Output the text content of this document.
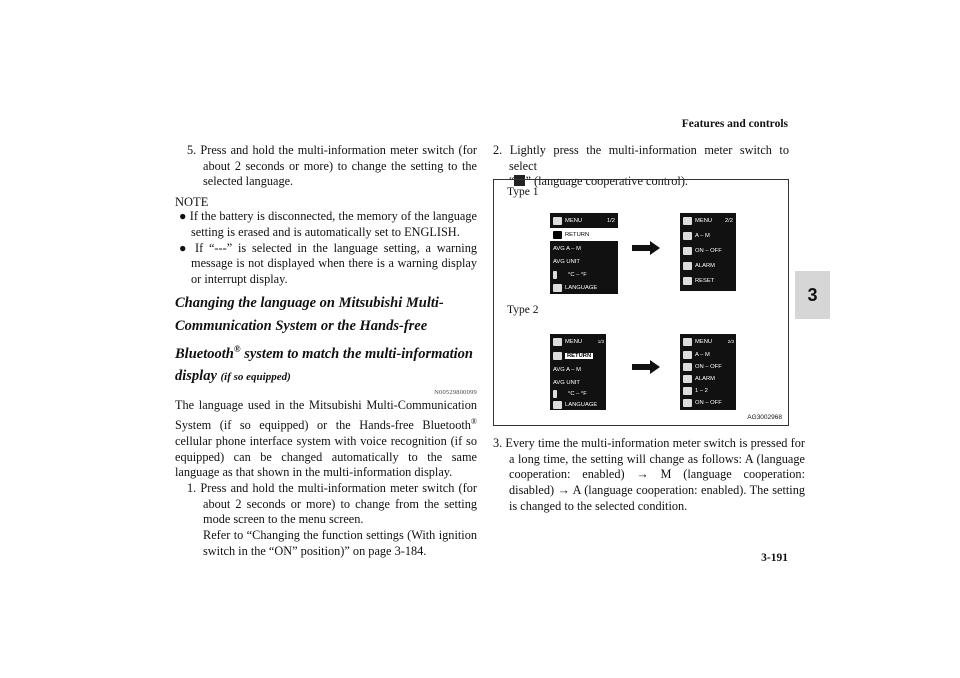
Features and controls
3
5. Press and hold the multi-information meter switch (for about 2 seconds or more) to change the setting to the selected language.
NOTE
● If the battery is disconnected, the memory of the language setting is erased and is automatically set to ENGLISH.
● If “---” is selected in the language setting, a warning message is not displayed when there is a warning display or interrupt display.
Changing the language on Mitsubishi Multi-Communication System or the Hands-free Bluetooth® system to match the multi-information display (if so equipped)
N00529800099
The language used in the Mitsubishi Multi-Communication System (if so equipped) or the Hands-free Bluetooth® cellular phone interface system with voice recognition (if so equipped) can be changed automatically to the same language as that shown in the multi-information display.
1. Press and hold the multi-information meter switch (for about 2 seconds or more) to change from the setting mode screen to the menu screen.
Refer to “Changing the function settings (With ignition switch in the “ON” position)” on page 3-184.
2. Lightly press the multi-information meter switch to select
“ ” (language cooperative control).
Type 1
Type 2
MENU	1/2
RETURN
AVG A – M
AVG UNIT
°C – °F
LANGUAGE
MENU 2/2
A – M
ON – OFF
ALARM
RESET
MENU	1/3
RETURN
AVG A – M
AVG UNIT
°C – °F
LANGUAGE
MENU	2/3
A – M
ON – OFF
ALARM
1 – 2
ON – OFF
AG3002968
3. Every time the multi-information meter switch is pressed for a long time, the setting will change as follows: A (language cooperation: enabled) → M (language cooperation: disabled) → A (language cooperation: enabled). The setting is changed to the selected condition.
3-191
